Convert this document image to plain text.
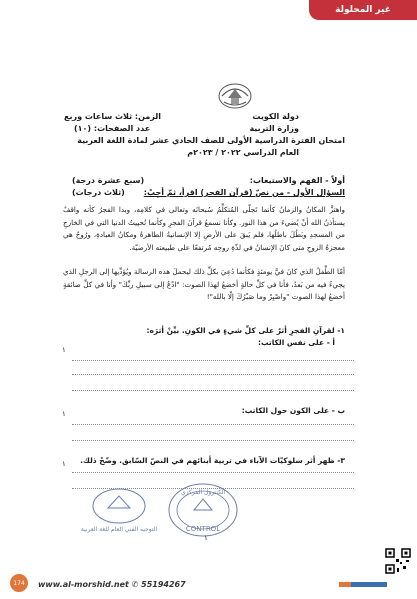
غير المحلولة
دولة الكويت
وزارة التربية
الزمن: ثلاث ساعات وربع
عدد الصفحات: (١٠)
امتحان الفترة الدراسية الأولى للصف الحادي عشر لمادة اللغة العربية
العام الدراسي ٢٠٢٢ / ٢٠٢٣م
أولاً - الفهم والاستيعاب:
(سبع عشرة درجة)
السؤال الأول - من نصّ (قرآن الفجر) اقرأ، ثمّ أجِبْ:
(ثلاث درجات)
واهتزَّ المكانُ والزمانُ كأنما تَجلّى المُتكلِّمُ سُبحانَه وتعالى في كلامِه، وبدا الفجرُ كأنه واقفٌ يستأذنُ الله أنْ يُضيءَ من هذا النور. وكأنا نسمعُ قرآنَ الفجرِ وكأنما نُحييتُ الدنيا التي في الخارجِ من المسجدِ وبَطُلَ باطلُها، فلم يَبقَ على الأرضِ إلا الإنسانيةُ الطاهرةُ ومكانُ العبادةِ، ورُوحٌ هي معجزةُ الزوحِ متى كانَ الإنسانُ في لذّةِ روحِه مُرتفعًا على طبيعته الأرضيّة.
أمّا الطِّفلُ الذي كانَ فيَّ يومئذٍ فكأنما دُعِيَ بكلِّ ذلك ليحملَ هذه الرسالة ويُؤدِّيها إلى الرجلِ الذي يجيءُ فيه من بَعدُ، فأنا في كلِّ حالةٍ أخضعُ لهذا الصوت: "ادْعُ إلى سبيلِ ربِّكَ" وأنا في كلِّ ضائقةٍ أخضعُ لهذا الصوت "واصْبِرْ وما صَبْرُكَ إلّا بالله"!
١- لقرآنِ الفجرِ أثرٌ على كلِّ شيءٍ في الكونِ. بيِّنْ أثرَه:
أ - على نفس الكاتب:
١
ب - على الكون حول الكاتب:
١
٣- ظهر أثر سلوكيّات الآباء في تربية أبنائهم في النصّ السّابق. وضّحْ ذلك.
١
التوجيه الفني العام للغة العربية
الكنترول المركزي
CONTROL
١
174 www.al-morshid.net ✆ 55194267
